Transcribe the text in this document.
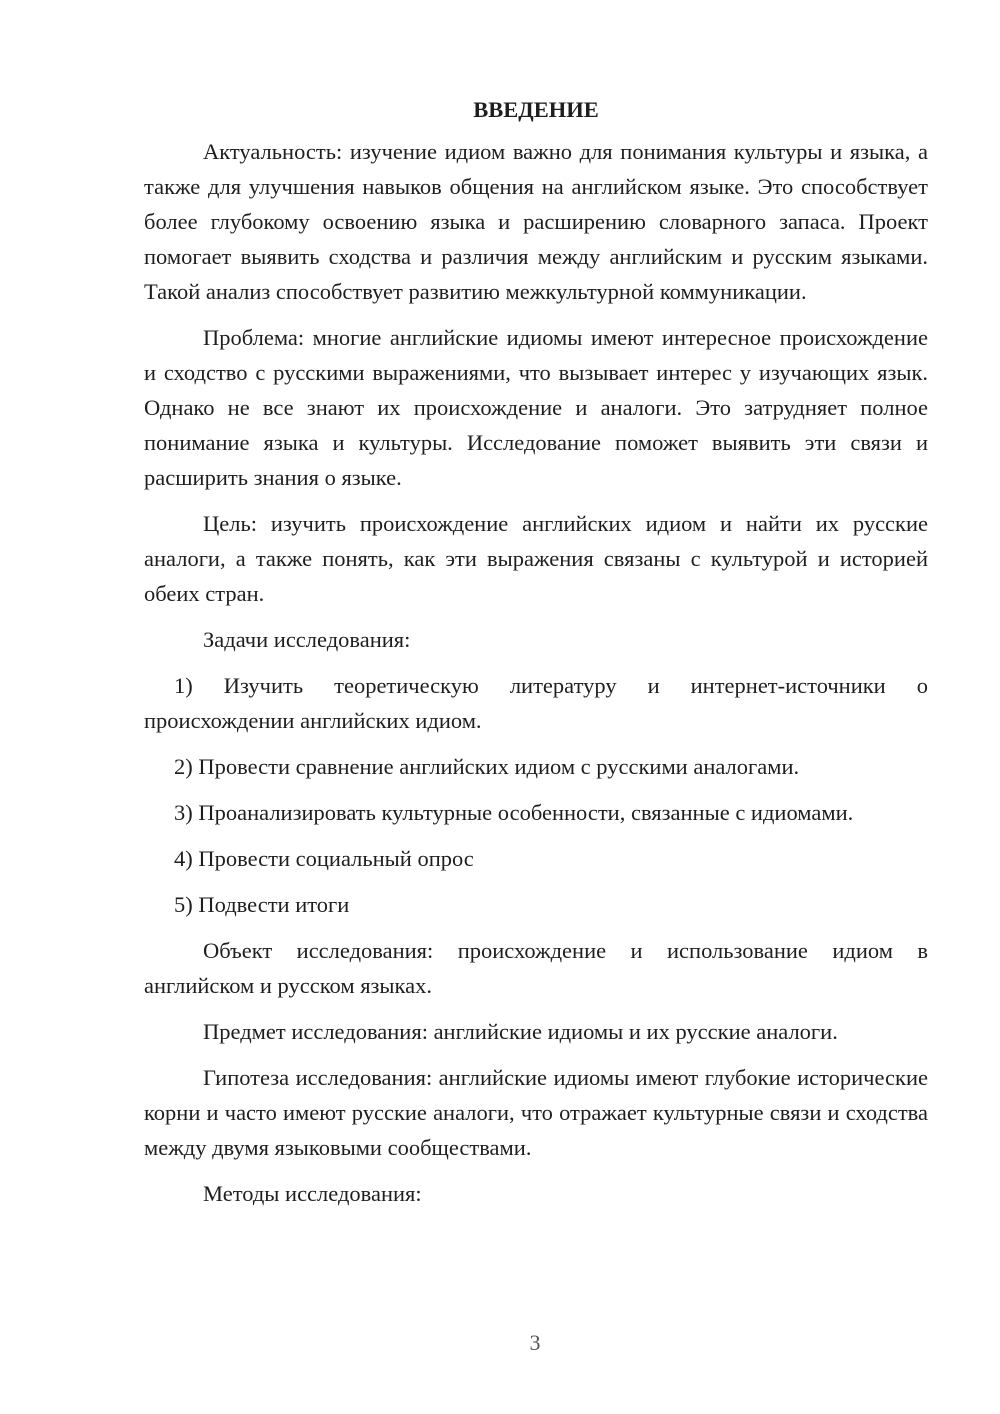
ВВЕДЕНИЕ

Актуальность: изучение идиом важно для понимания культуры и языка, а также для улучшения навыков общения на английском языке. Это способствует более глубокому освоению языка и расширению словарного запаса. Проект помогает выявить сходства и различия между английским и русским языками. Такой анализ способствует развитию межкультурной коммуникации.

Проблема: многие английские идиомы имеют интересное происхождение и сходство с русскими выражениями, что вызывает интерес у изучающих язык. Однако не все знают их происхождение и аналоги. Это затрудняет полное понимание языка и культуры. Исследование поможет выявить эти связи и расширить знания о языке.

Цель: изучить происхождение английских идиом и найти их русские аналоги, а также понять, как эти выражения связаны с культурой и историей обеих стран.

Задачи исследования:

1) Изучить теоретическую литературу и интернет-источники о происхождении английских идиом.

2) Провести сравнение английских идиом с русскими аналогами.

3) Проанализировать культурные особенности, связанные с идиомами.

4) Провести социальный опрос

5) Подвести итоги

Объект исследования: происхождение и использование идиом в английском и русском языках.

Предмет исследования: английские идиомы и их русские аналоги.

Гипотеза исследования: английские идиомы имеют глубокие исторические корни и часто имеют русские аналоги, что отражает культурные связи и сходства между двумя языковыми сообществами.

Методы исследования:

3
